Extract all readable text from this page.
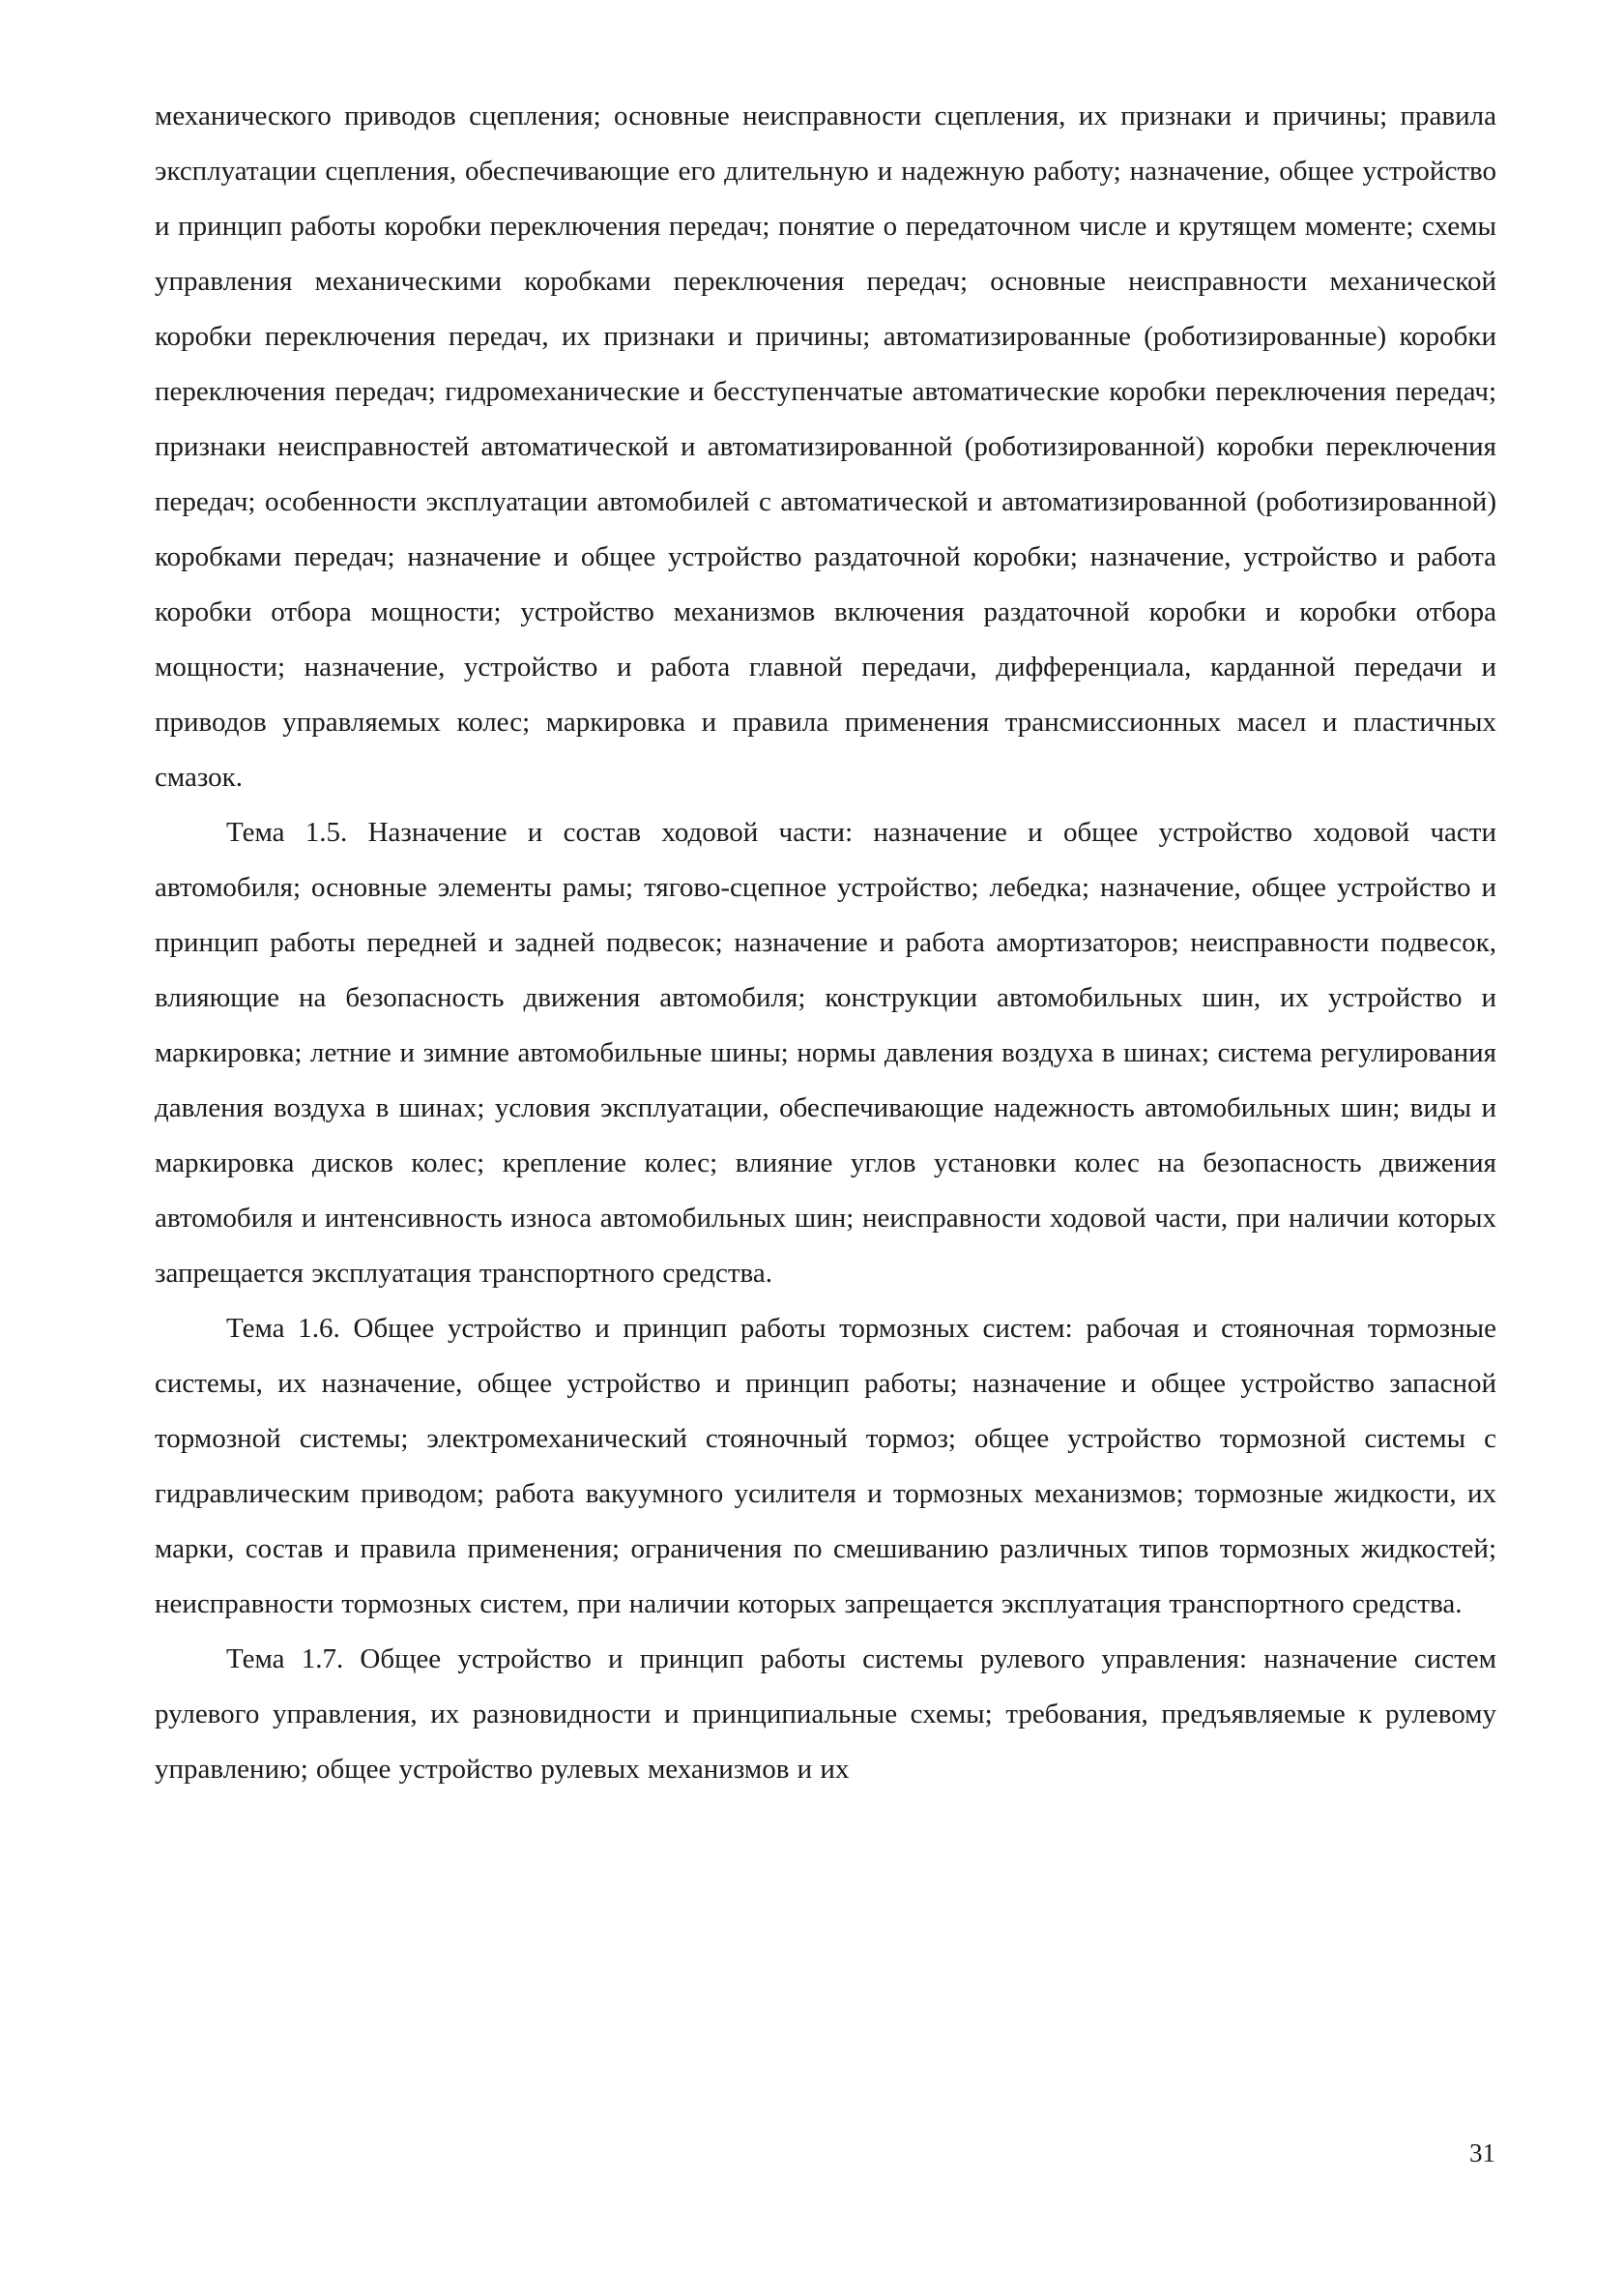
механического приводов сцепления; основные неисправности сцепления, их признаки и причины; правила эксплуатации сцепления, обеспечивающие его длительную и надежную работу; назначение, общее устройство и принцип работы коробки переключения передач; понятие о передаточном числе и крутящем моменте; схемы управления механическими коробками переключения передач; основные неисправности механической коробки переключения передач, их признаки и причины; автоматизированные (роботизированные) коробки переключения передач; гидромеханические и бесступенчатые автоматические коробки переключения передач; признаки неисправностей автоматической и автоматизированной (роботизированной) коробки переключения передач; особенности эксплуатации автомобилей с автоматической и автоматизированной (роботизированной) коробками передач; назначение и общее устройство раздаточной коробки; назначение, устройство и работа коробки отбора мощности; устройство механизмов включения раздаточной коробки и коробки отбора мощности; назначение, устройство и работа главной передачи, дифференциала, карданной передачи и приводов управляемых колес; маркировка и правила применения трансмиссионных масел и пластичных смазок.

Тема 1.5. Назначение и состав ходовой части: назначение и общее устройство ходовой части автомобиля; основные элементы рамы; тягово-сцепное устройство; лебедка; назначение, общее устройство и принцип работы передней и задней подвесок; назначение и работа амортизаторов; неисправности подвесок, влияющие на безопасность движения автомобиля; конструкции автомобильных шин, их устройство и маркировка; летние и зимние автомобильные шины; нормы давления воздуха в шинах; система регулирования давления воздуха в шинах; условия эксплуатации, обеспечивающие надежность автомобильных шин; виды и маркировка дисков колес; крепление колес; влияние углов установки колес на безопасность движения автомобиля и интенсивность износа автомобильных шин; неисправности ходовой части, при наличии которых запрещается эксплуатация транспортного средства.

Тема 1.6. Общее устройство и принцип работы тормозных систем: рабочая и стояночная тормозные системы, их назначение, общее устройство и принцип работы; назначение и общее устройство запасной тормозной системы; электромеханический стояночный тормоз; общее устройство тормозной системы с гидравлическим приводом; работа вакуумного усилителя и тормозных механизмов; тормозные жидкости, их марки, состав и правила применения; ограничения по смешиванию различных типов тормозных жидкостей; неисправности тормозных систем, при наличии которых запрещается эксплуатация транспортного средства.

Тема 1.7. Общее устройство и принцип работы системы рулевого управления: назначение систем рулевого управления, их разновидности и принципиальные схемы; требования, предъявляемые к рулевому управлению; общее устройство рулевых механизмов и их

31
